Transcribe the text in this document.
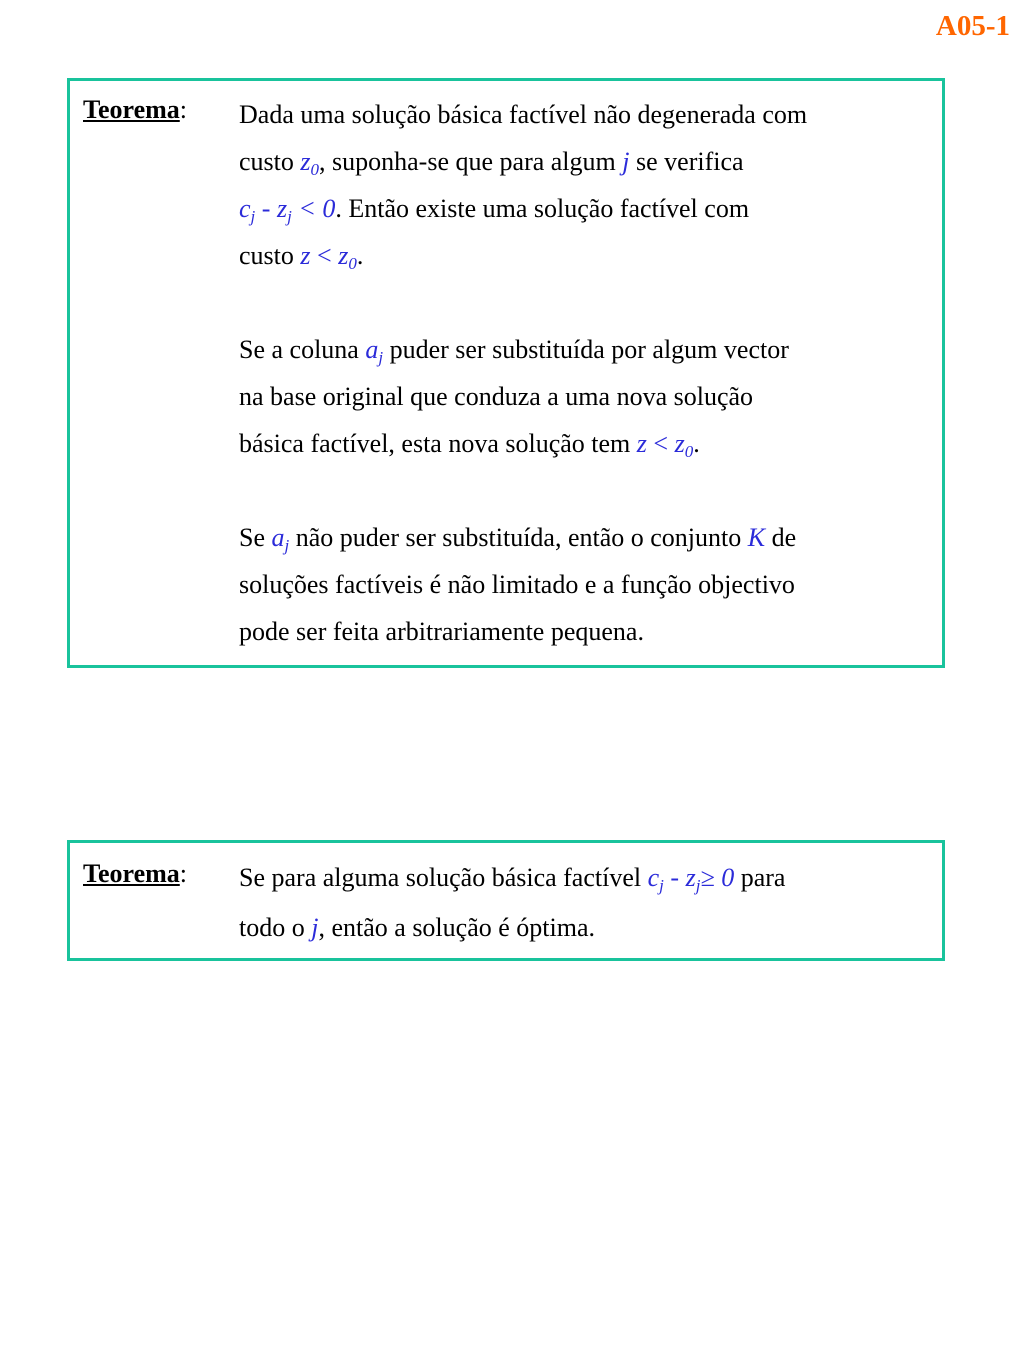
A05-1
Teorema: Dada uma solução básica factível não degenerada com
custo $z_0$, suponha-se que para algum j se verifica
$c_j - z_j < 0$. Então existe uma solução factível com
custo $z < z_0$.

Se a coluna $a_j$ puder ser substituída por algum vector
na base original que conduza a uma nova solução
básica factível, esta nova solução tem $z < z_0$.

Se $a_j$ não puder ser substituída, então o conjunto K de
soluções factíveis é não limitado e a função objectivo
pode ser feita arbitrariamente pequena.

Teorema: Se para alguma solução básica factível $c_j - z_j\ge 0$ para
todo o j, então a solução é óptima.
